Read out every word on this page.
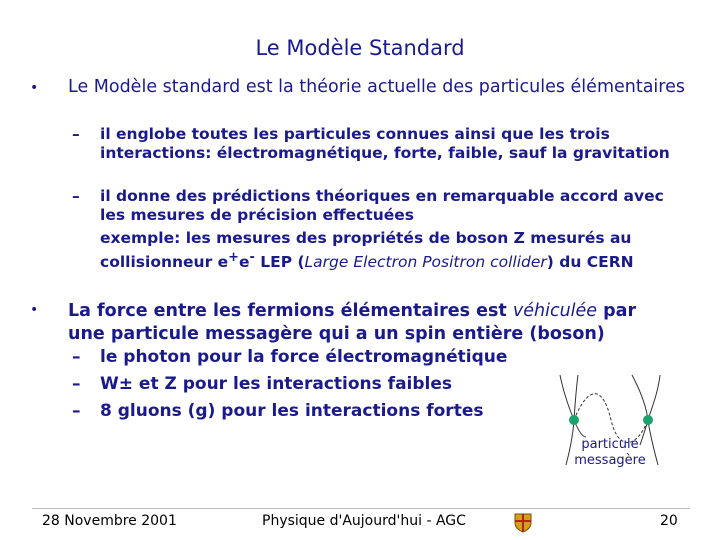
Le Modèle Standard
• Le Modèle standard est la théorie actuelle des particules élémentaires
– il englobe toutes les particules connues ainsi que les trois interactions: électromagnétique, forte, faible, sauf la gravitation
– il donne des prédictions théoriques en remarquable accord avec les mesures de précision effectuées
exemple: les mesures des propriétés de boson Z mesurés au collisionneur e+e- LEP (Large Electron Positron collider) du CERN
• La force entre les fermions élémentaires est véhiculée par
une particule messagère qui a un spin entière (boson)
– le photon pour la force électromagnétique
– W± et Z pour les interactions faibles
– 8 gluons (g) pour les interactions fortes
particule
messagère
28 Novembre 2001	Physique d'Aujourd'hui - AGC	20
